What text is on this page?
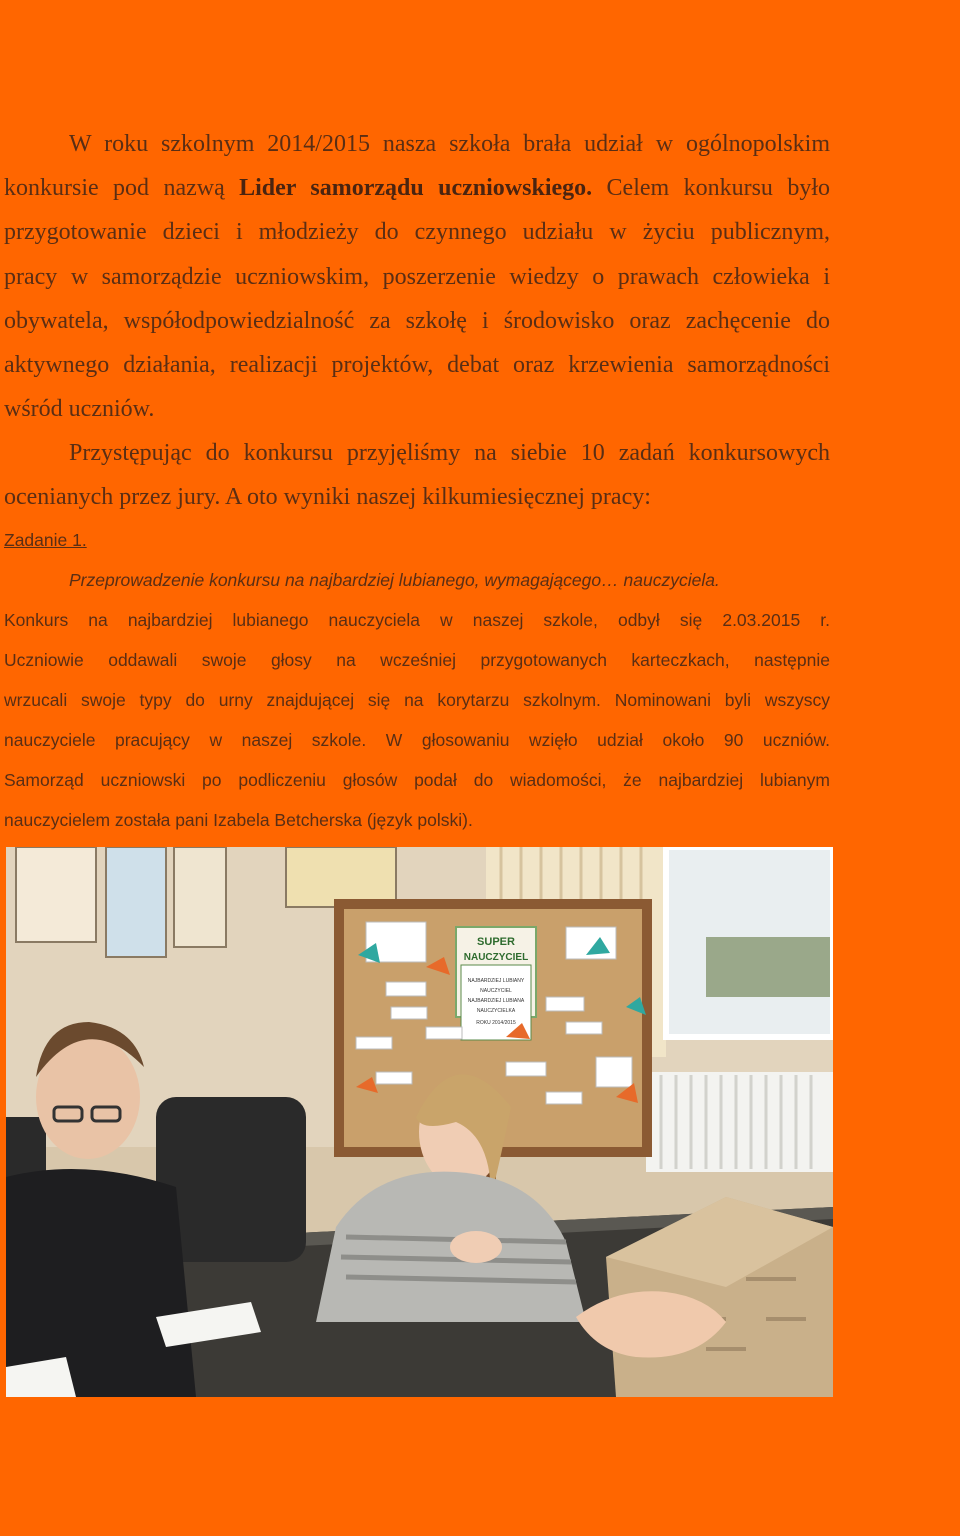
W roku szkolnym 2014/2015 nasza szkoła brała udział w ogólnopolskim
konkursie pod nazwą Lider samorządu uczniowskiego. Celem konkursu było
przygotowanie dzieci i młodzieży do czynnego udziału w życiu publicznym,
pracy w samorządzie uczniowskim, poszerzenie wiedzy o prawach człowieka i
obywatela, współodpowiedzialność za szkołę i środowisko oraz zachęcenie do
aktywnego działania, realizacji projektów, debat oraz krzewienia samorządności
wśród uczniów.
Przystępując do konkursu przyjęliśmy na siebie 10 zadań konkursowych
ocenianych przez jury. A oto wyniki naszej kilkumiesięcznej pracy:
Zadanie 1.
Przeprowadzenie konkursu na najbardziej lubianego, wymagającego… nauczyciela.
Konkurs na najbardziej lubianego nauczyciela w naszej szkole, odbył się 2.03.2015 r.
Uczniowie oddawali swoje głosy na wcześniej przygotowanych karteczkach, następnie
wrzucali swoje typy do urny znajdującej się na korytarzu szkolnym. Nominowani byli wszyscy
nauczyciele pracujący w naszej szkole. W głosowaniu wzięło udział około 90 uczniów.
Samorząd uczniowski po podliczeniu głosów podał do wiadomości, że najbardziej lubianym
nauczycielem została pani Izabela Betcherska (język polski).
SUPER
NAUCZYCIEL
NAJBARDZIEJ LUBIANY
NAUCZYCIEL
NAJBARDZIEJ LUBIANA
NAUCZYCIELKA
ROKU 2014/2015
